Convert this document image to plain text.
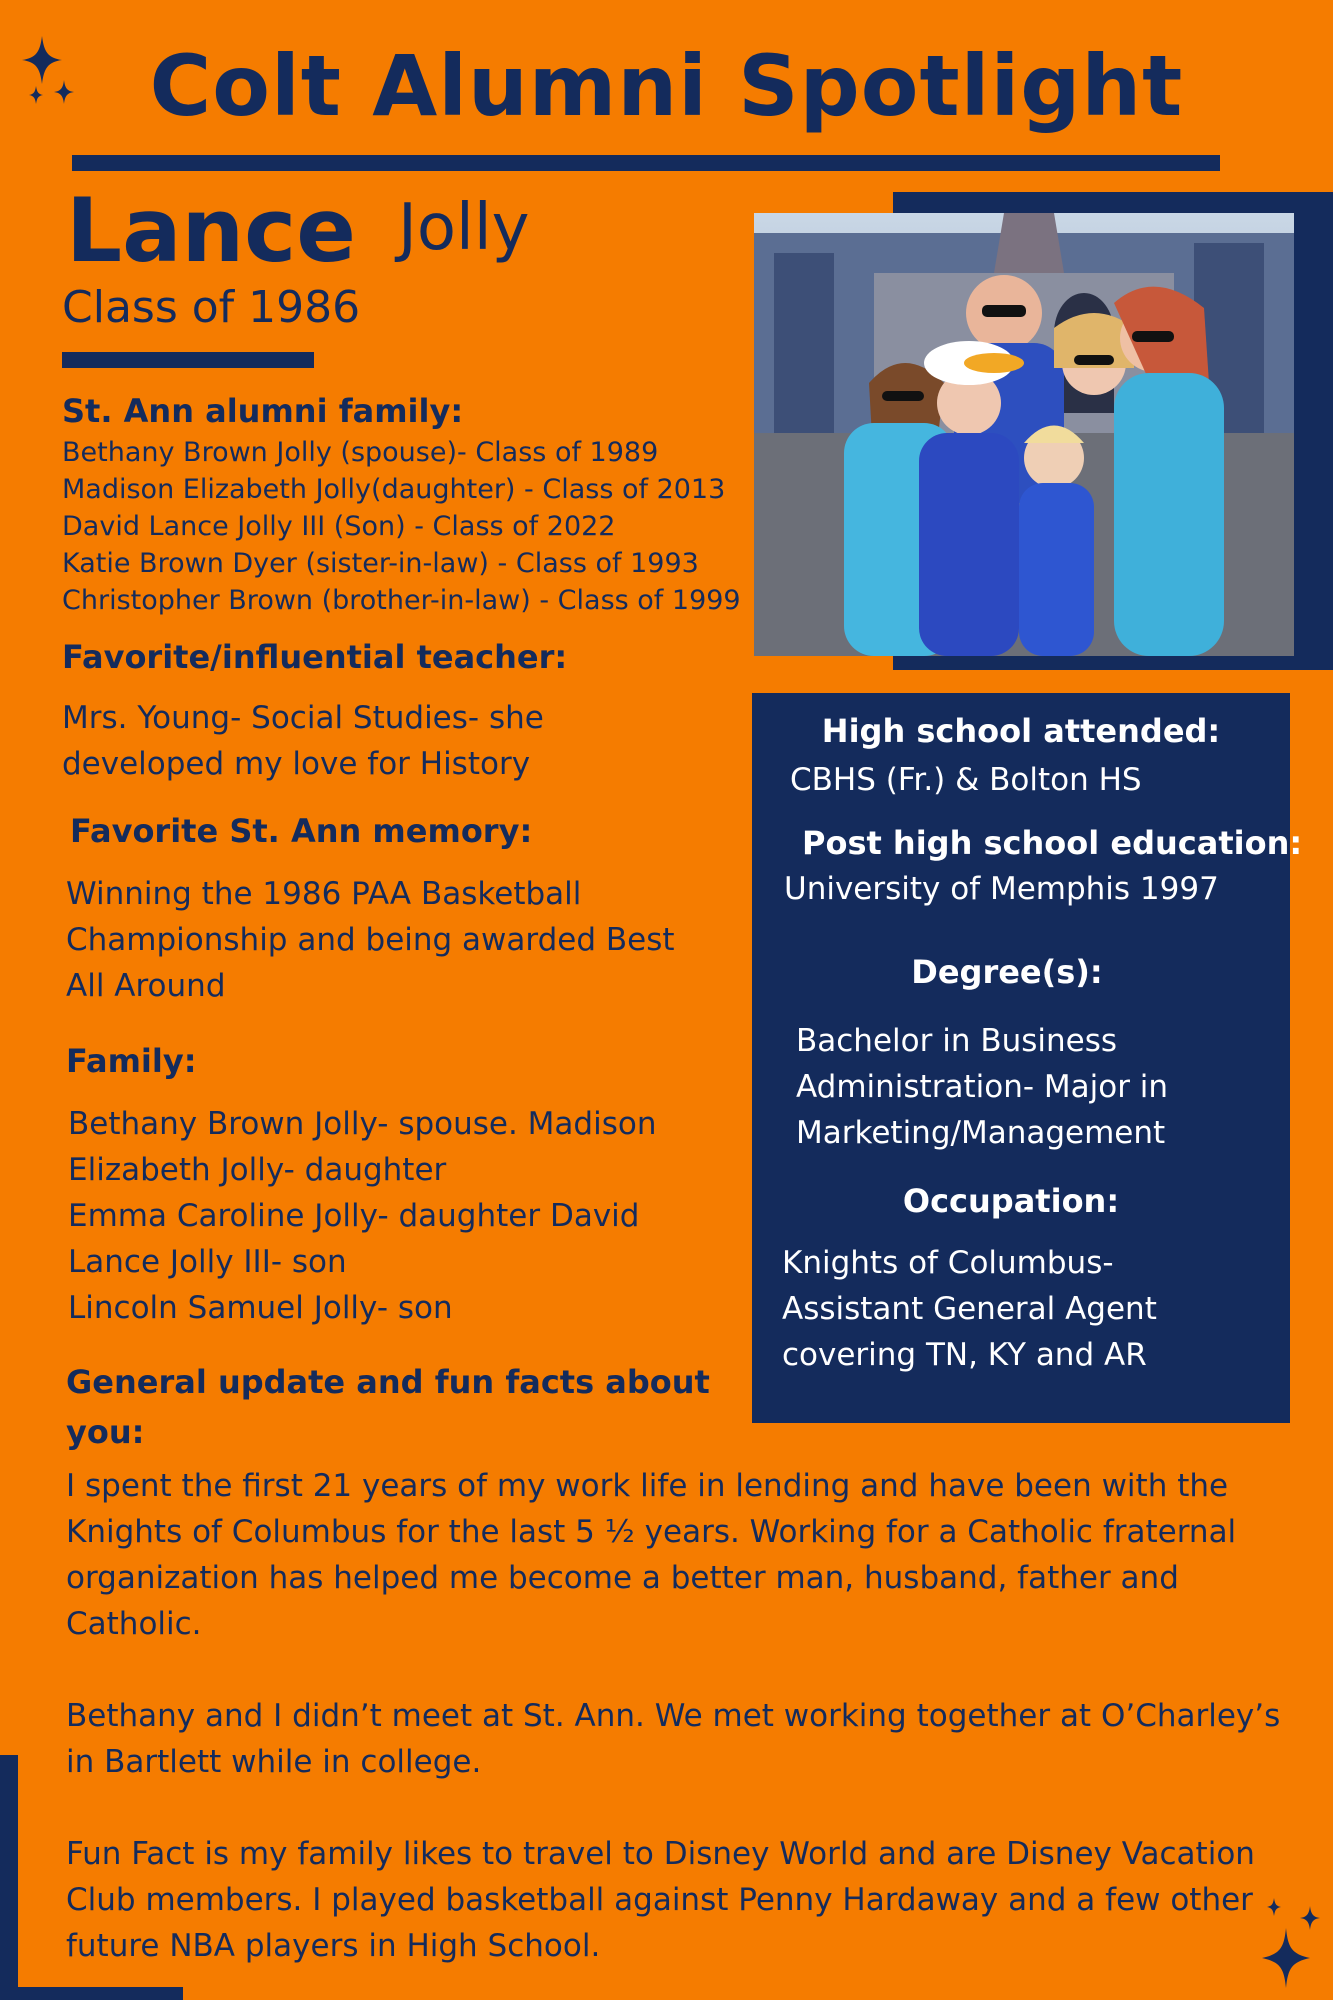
Colt Alumni Spotlight
Lance Jolly
Class of 1986
St. Ann alumni family:
Bethany Brown Jolly (spouse)- Class of 1989
Madison Elizabeth Jolly(daughter) - Class of 2013
David Lance Jolly III (Son) - Class of 2022
Katie Brown Dyer (sister-in-law) - Class of 1993
Christopher Brown (brother-in-law) - Class of 1999
Favorite/influential teacher:
Mrs. Young- Social Studies- she
developed my love for History
Favorite St. Ann memory:
Winning the 1986 PAA Basketball
Championship and being awarded Best
All Around
Family:
Bethany Brown Jolly- spouse. Madison
Elizabeth Jolly- daughter
Emma Caroline Jolly- daughter David
Lance Jolly III- son
Lincoln Samuel Jolly- son
High school attended:
CBHS (Fr.) & Bolton HS
Post high school education:
University of Memphis 1997
Degree(s):
Bachelor in Business
Administration- Major in
Marketing/Management
Occupation:
Knights of Columbus-
Assistant General Agent
covering TN, KY and AR
General update and fun facts about
you:
I spent the first 21 years of my work life in lending and have been with the
Knights of Columbus for the last 5 ½ years. Working for a Catholic fraternal
organization has helped me become a better man, husband, father and
Catholic.
Bethany and I didn’t meet at St. Ann. We met working together at O’Charley’s
in Bartlett while in college.
Fun Fact is my family likes to travel to Disney World and are Disney Vacation
Club members. I played basketball against Penny Hardaway and a few other
future NBA players in High School.
